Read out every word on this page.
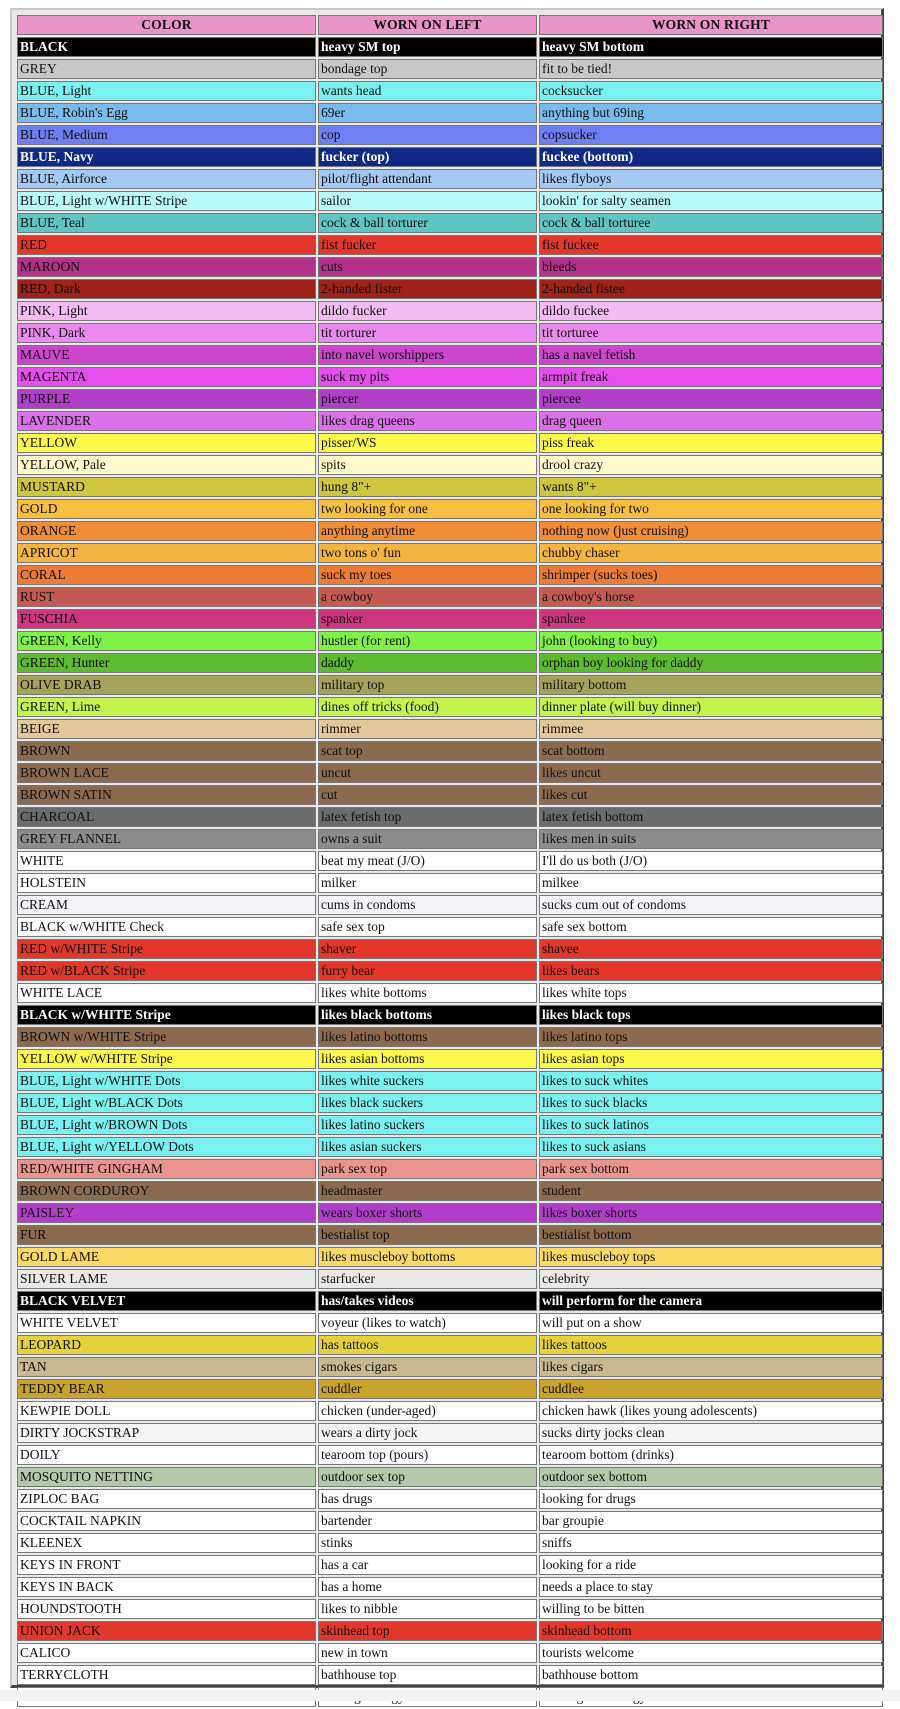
COLOR	WORN ON LEFT	WORN ON RIGHT
BLACK	heavy SM top	heavy SM bottom
GREY	bondage top	fit to be tied!
BLUE, Light	wants head	cocksucker
BLUE, Robin's Egg	69er	anything but 69ing
BLUE, Medium	cop	copsucker
BLUE, Navy	fucker (top)	fuckee (bottom)
BLUE, Airforce	pilot/flight attendant	likes flyboys
BLUE, Light w/WHITE Stripe	sailor	lookin' for salty seamen
BLUE, Teal	cock & ball torturer	cock & ball torturee
RED	fist fucker	fist fuckee
MAROON	cuts	bleeds
RED, Dark	2-handed fister	2-handed fistee
PINK, Light	dildo fucker	dildo fuckee
PINK, Dark	tit torturer	tit torturee
MAUVE	into navel worshippers	has a navel fetish
MAGENTA	suck my pits	armpit freak
PURPLE	piercer	piercee
LAVENDER	likes drag queens	drag queen
YELLOW	pisser/WS	piss freak
YELLOW, Pale	spits	drool crazy
MUSTARD	hung 8"+	wants 8"+
GOLD	two looking for one	one looking for two
ORANGE	anything anytime	nothing now (just cruising)
APRICOT	two tons o' fun	chubby chaser
CORAL	suck my toes	shrimper (sucks toes)
RUST	a cowboy	a cowboy's horse
FUSCHIA	spanker	spankee
GREEN, Kelly	hustler (for rent)	john (looking to buy)
GREEN, Hunter	daddy	orphan boy looking for daddy
OLIVE DRAB	military top	military bottom
GREEN, Lime	dines off tricks (food)	dinner plate (will buy dinner)
BEIGE	rimmer	rimmee
BROWN	scat top	scat bottom
BROWN LACE	uncut	likes uncut
BROWN SATIN	cut	likes cut
CHARCOAL	latex fetish top	latex fetish bottom
GREY FLANNEL	owns a suit	likes men in suits
WHITE	beat my meat (J/O)	I'll do us both (J/O)
HOLSTEIN	milker	milkee
CREAM	cums in condoms	sucks cum out of condoms
BLACK w/WHITE Check	safe sex top	safe sex bottom
RED w/WHITE Stripe	shaver	shavee
RED w/BLACK Stripe	furry bear	likes bears
WHITE LACE	likes white bottoms	likes white tops
BLACK w/WHITE Stripe	likes black bottoms	likes black tops
BROWN w/WHITE Stripe	likes latino bottoms	likes latino tops
YELLOW w/WHITE Stripe	likes asian bottoms	likes asian tops
BLUE, Light w/WHITE Dots	likes white suckers	likes to suck whites
BLUE, Light w/BLACK Dots	likes black suckers	likes to suck blacks
BLUE, Light w/BROWN Dots	likes latino suckers	likes to suck latinos
BLUE, Light w/YELLOW Dots	likes asian suckers	likes to suck asians
RED/WHITE GINGHAM	park sex top	park sex bottom
BROWN CORDUROY	headmaster	student
PAISLEY	wears boxer shorts	likes boxer shorts
FUR	bestialist top	bestialist bottom
GOLD LAME	likes muscleboy bottoms	likes muscleboy tops
SILVER LAME	starfucker	celebrity
BLACK VELVET	has/takes videos	will perform for the camera
WHITE VELVET	voyeur (likes to watch)	will put on a show
LEOPARD	has tattoos	likes tattoos
TAN	smokes cigars	likes cigars
TEDDY BEAR	cuddler	cuddlee
KEWPIE DOLL	chicken (under-aged)	chicken hawk (likes young adolescents)
DIRTY JOCKSTRAP	wears a dirty jock	sucks dirty jocks clean
DOILY	tearoom top (pours)	tearoom bottom (drinks)
MOSQUITO NETTING	outdoor sex top	outdoor sex bottom
ZIPLOC BAG	has drugs	looking for drugs
COCKTAIL NAPKIN	bartender	bar groupie
KLEENEX	stinks	sniffs
KEYS IN FRONT	has a car	looking for a ride
KEYS IN BACK	has a home	needs a place to stay
HOUNDSTOOTH	likes to nibble	willing to be bitten
UNION JACK	skinhead top	skinhead bottom
CALICO	new in town	tourists welcome
TERRYCLOTH	bathhouse top	bathhouse bottom
